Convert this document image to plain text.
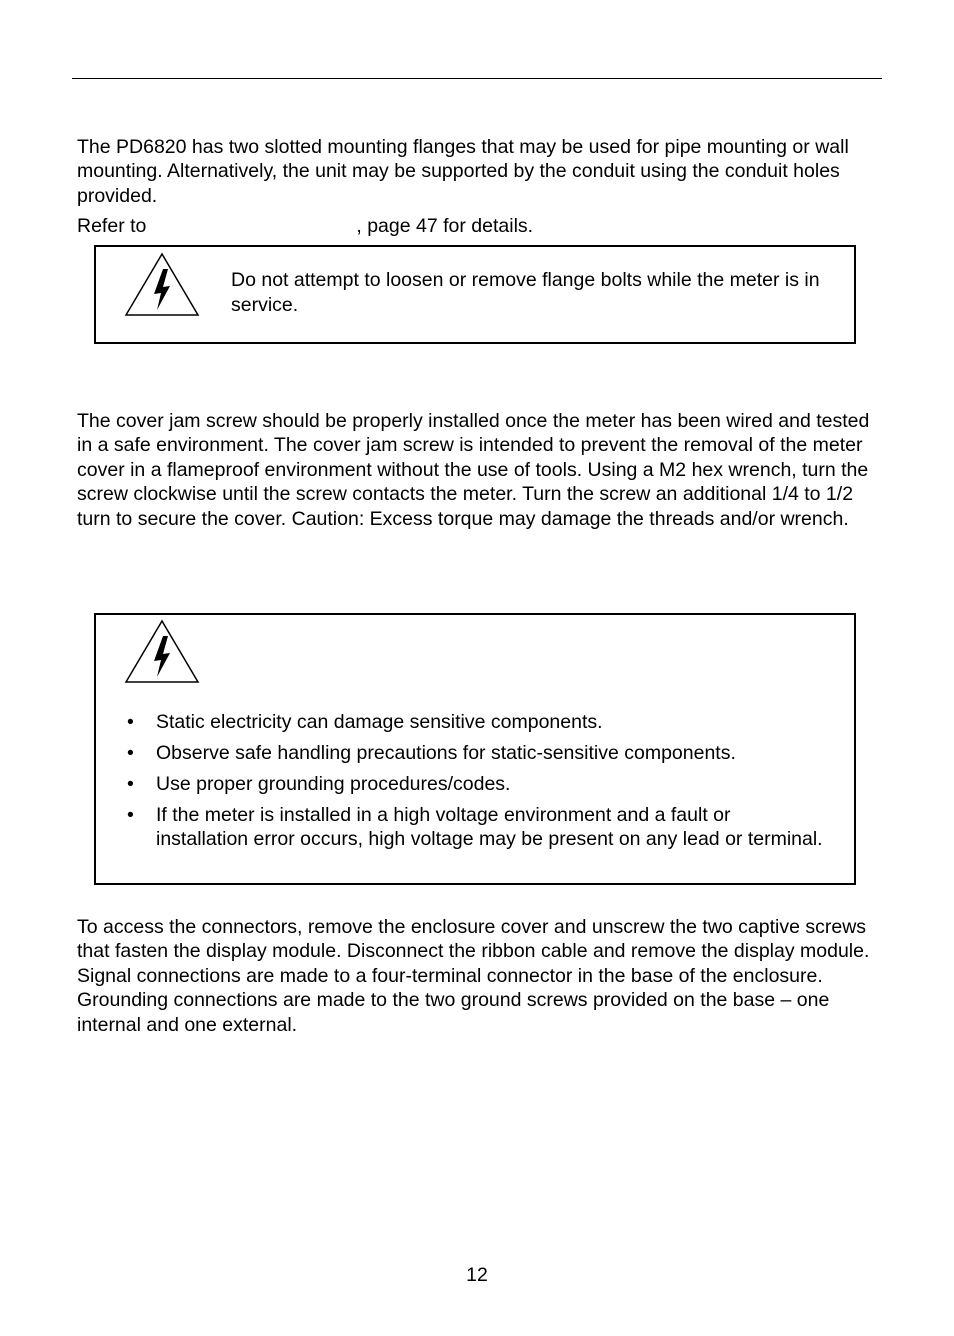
The PD6820 has two slotted mounting flanges that may be used for pipe mounting or wall mounting. Alternatively, the unit may be supported by the conduit using the conduit holes provided.

Refer to	, page 47 for details.

Do not attempt to loosen or remove flange bolts while the meter is in service.

The cover jam screw should be properly installed once the meter has been wired and tested in a safe environment. The cover jam screw is intended to prevent the removal of the meter cover in a flameproof environment without the use of tools. Using a M2 hex wrench, turn the screw clockwise until the screw contacts the meter. Turn the screw an additional 1/4 to 1/2 turn to secure the cover. Caution: Excess torque may damage the threads and/or wrench.

• Static electricity can damage sensitive components.
• Observe safe handling precautions for static-sensitive components.
• Use proper grounding procedures/codes.
• If the meter is installed in a high voltage environment and a fault or installation error occurs, high voltage may be present on any lead or terminal.

To access the connectors, remove the enclosure cover and unscrew the two captive screws that fasten the display module. Disconnect the ribbon cable and remove the display module. Signal connections are made to a four-terminal connector in the base of the enclosure. Grounding connections are made to the two ground screws provided on the base – one internal and one external.

12
